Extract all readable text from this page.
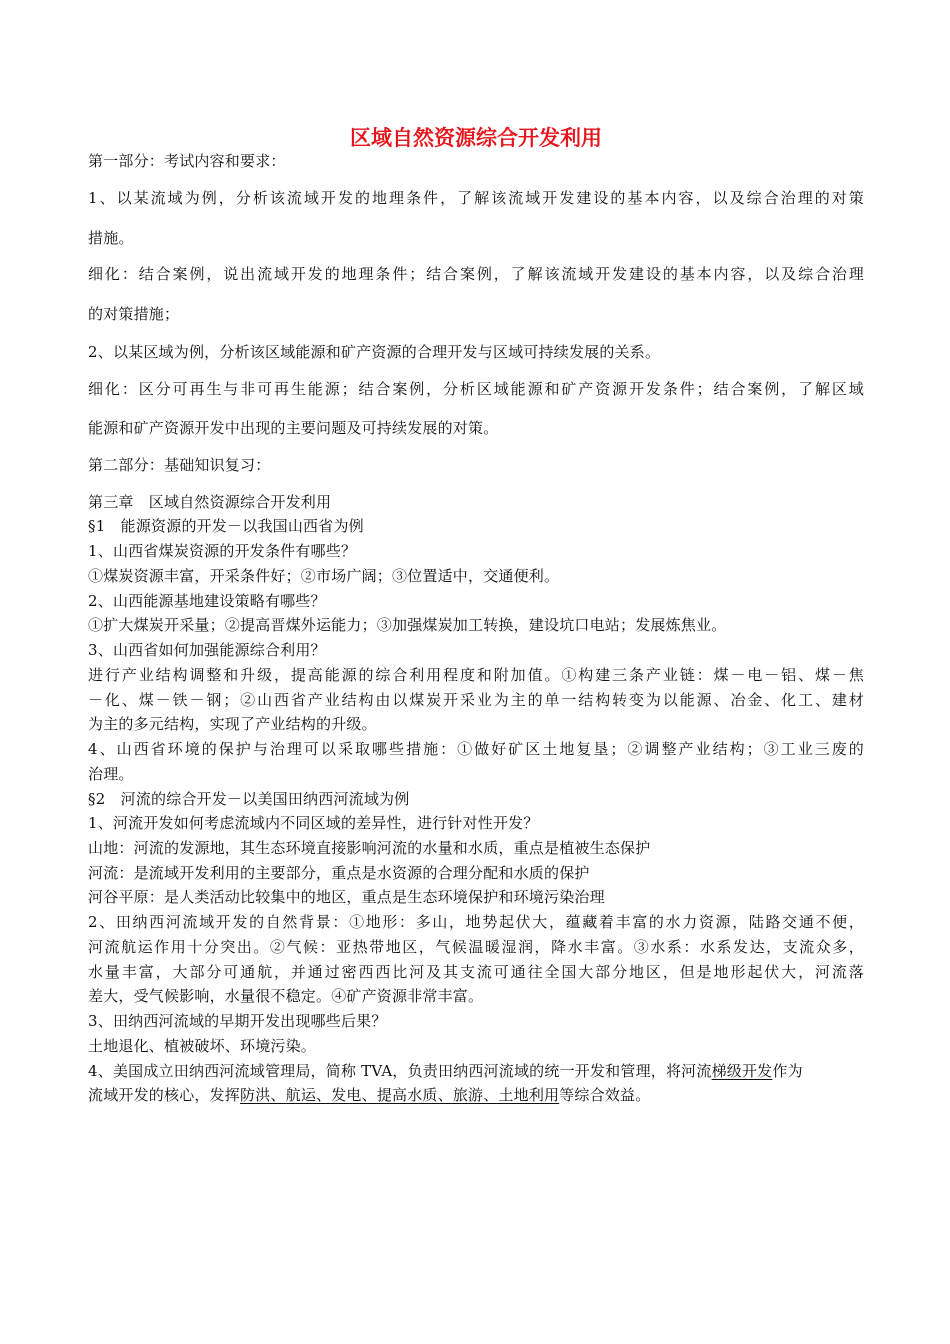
区域自然资源综合开发利用
第一部分：考试内容和要求：
1、以某流域为例，分析该流域开发的地理条件，了解该流域开发建设的基本内容，以及综合治理的对策
措施。
细化：结合案例，说出流域开发的地理条件；结合案例，了解该流域开发建设的基本内容，以及综合治理
的对策措施；
2、以某区域为例，分析该区域能源和矿产资源的合理开发与区域可持续发展的关系。
细化：区分可再生与非可再生能源；结合案例，分析区域能源和矿产资源开发条件；结合案例，了解区域
能源和矿产资源开发中出现的主要问题及可持续发展的对策。
第二部分：基础知识复习：
第三章　区域自然资源综合开发利用
§1　能源资源的开发－以我国山西省为例
1、山西省煤炭资源的开发条件有哪些？
①煤炭资源丰富，开采条件好；②市场广阔；③位置适中，交通便利。
2、山西能源基地建设策略有哪些？
①扩大煤炭开采量；②提高晋煤外运能力；③加强煤炭加工转换，建设坑口电站；发展炼焦业。
3、山西省如何加强能源综合利用？
进行产业结构调整和升级，提高能源的综合利用程度和附加值。①构建三条产业链：煤－电－铝、煤－焦
－化、煤－铁－钢；②山西省产业结构由以煤炭开采业为主的单一结构转变为以能源、冶金、化工、建材
为主的多元结构，实现了产业结构的升级。
4、山西省环境的保护与治理可以采取哪些措施：①做好矿区土地复垦；②调整产业结构；③工业三废的
治理。
§2　河流的综合开发－以美国田纳西河流域为例
1、河流开发如何考虑流域内不同区域的差异性，进行针对性开发？
山地：河流的发源地，其生态环境直接影响河流的水量和水质，重点是植被生态保护
河流：是流域开发利用的主要部分，重点是水资源的合理分配和水质的保护
河谷平原：是人类活动比较集中的地区，重点是生态环境保护和环境污染治理
2、田纳西河流域开发的自然背景：①地形：多山，地势起伏大，蕴藏着丰富的水力资源，陆路交通不便，
河流航运作用十分突出。②气候：亚热带地区，气候温暖湿润，降水丰富。③水系：水系发达，支流众多，
水量丰富，大部分可通航，并通过密西西比河及其支流可通往全国大部分地区，但是地形起伏大，河流落
差大，受气候影响，水量很不稳定。④矿产资源非常丰富。
3、田纳西河流域的早期开发出现哪些后果？
土地退化、植被破坏、环境污染。
4、美国成立田纳西河流域管理局，简称 TVA，负责田纳西河流域的统一开发和管理，将河流梯级开发作为
流域开发的核心，发挥防洪、航运、发电、提高水质、旅游、土地利用等综合效益。
